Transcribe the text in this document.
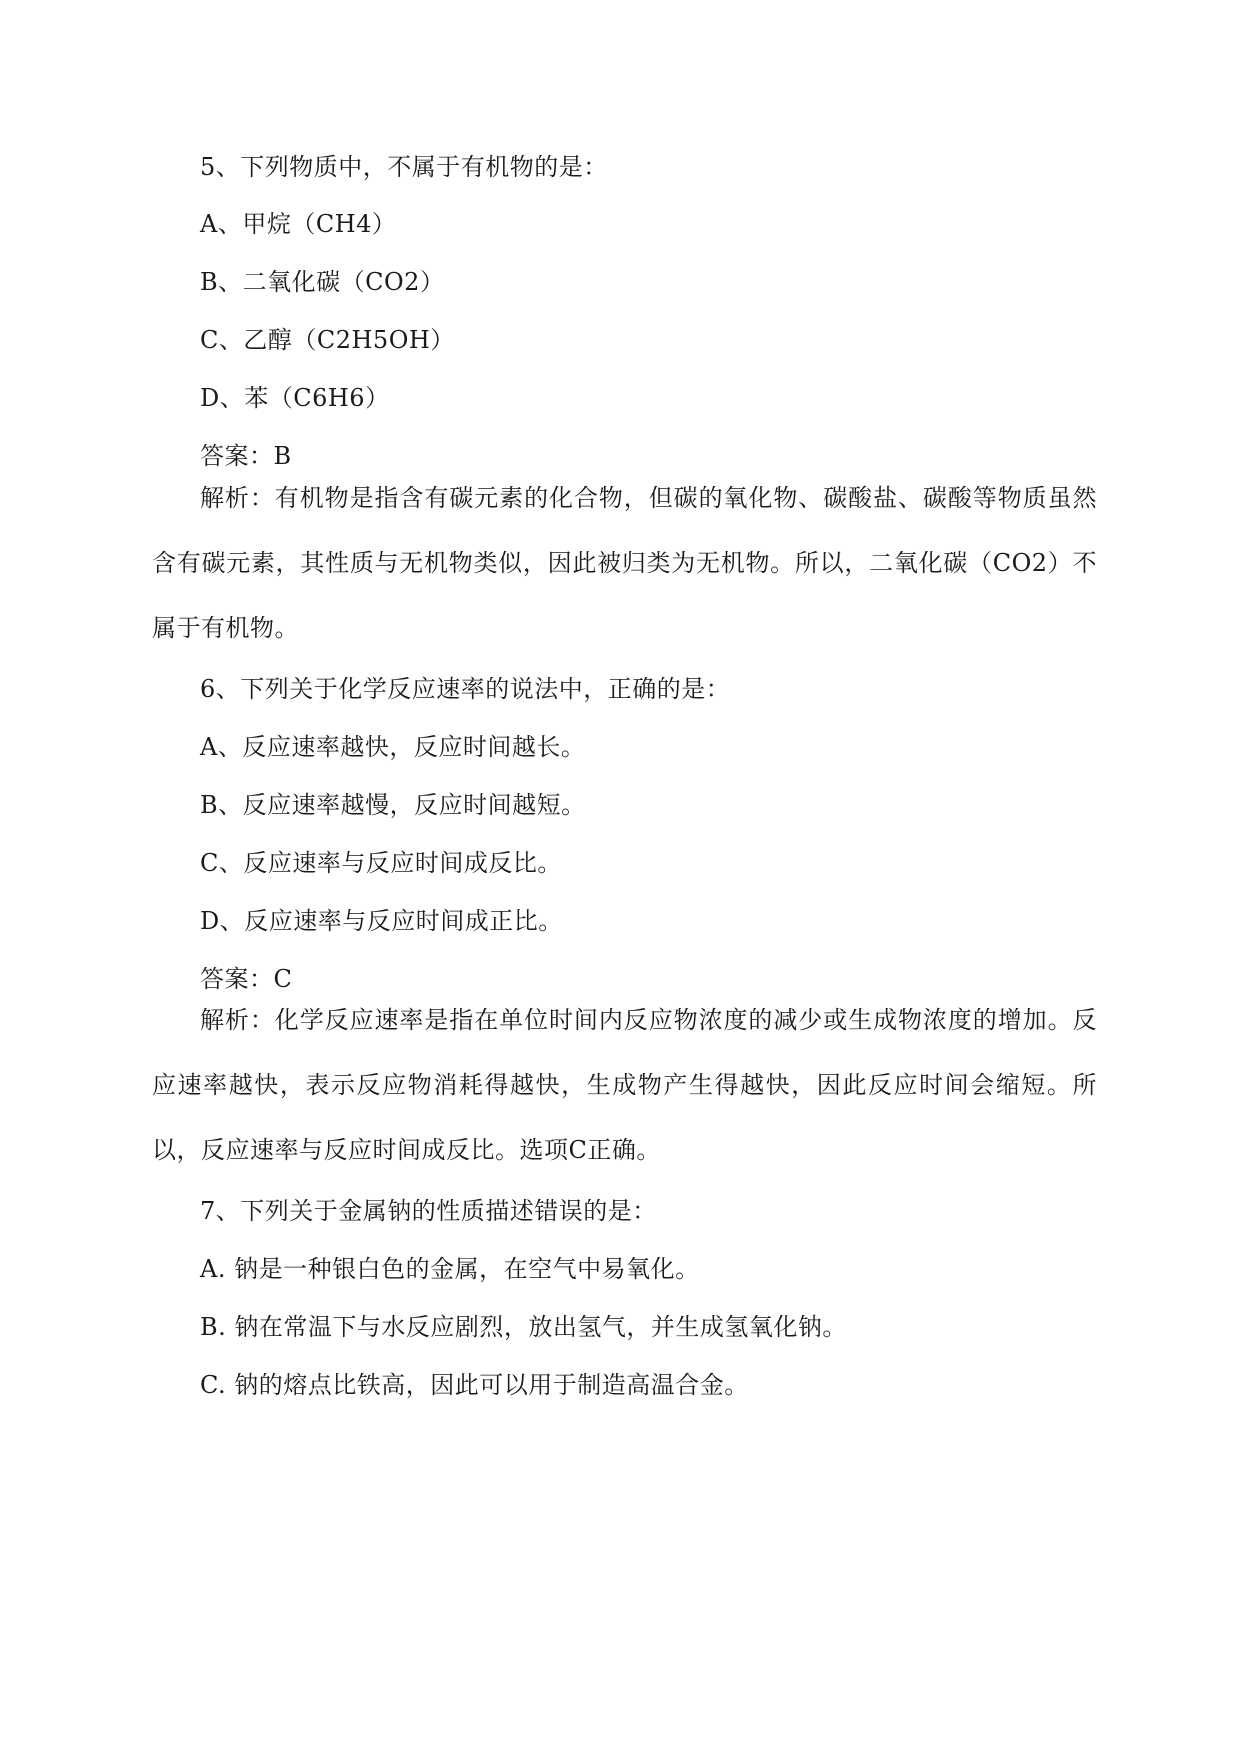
5、下列物质中，不属于有机物的是：
A、甲烷（CH4）
B、二氧化碳（CO2）
C、乙醇（C2H5OH）
D、苯（C6H6）
答案：B
解析：有机物是指含有碳元素的化合物，但碳的氧化物、碳酸盐、碳酸等物质虽然含有碳元素，其性质与无机物类似，因此被归类为无机物。所以，二氧化碳（CO2）不属于有机物。
6、下列关于化学反应速率的说法中，正确的是：
A、反应速率越快，反应时间越长。
B、反应速率越慢，反应时间越短。
C、反应速率与反应时间成反比。
D、反应速率与反应时间成正比。
答案：C
解析：化学反应速率是指在单位时间内反应物浓度的减少或生成物浓度的增加。反应速率越快，表示反应物消耗得越快，生成物产生得越快，因此反应时间会缩短。所以，反应速率与反应时间成反比。选项C正确。
7、下列关于金属钠的性质描述错误的是：
A. 钠是一种银白色的金属，在空气中易氧化。
B. 钠在常温下与水反应剧烈，放出氢气，并生成氢氧化钠。
C. 钠的熔点比铁高，因此可以用于制造高温合金。
